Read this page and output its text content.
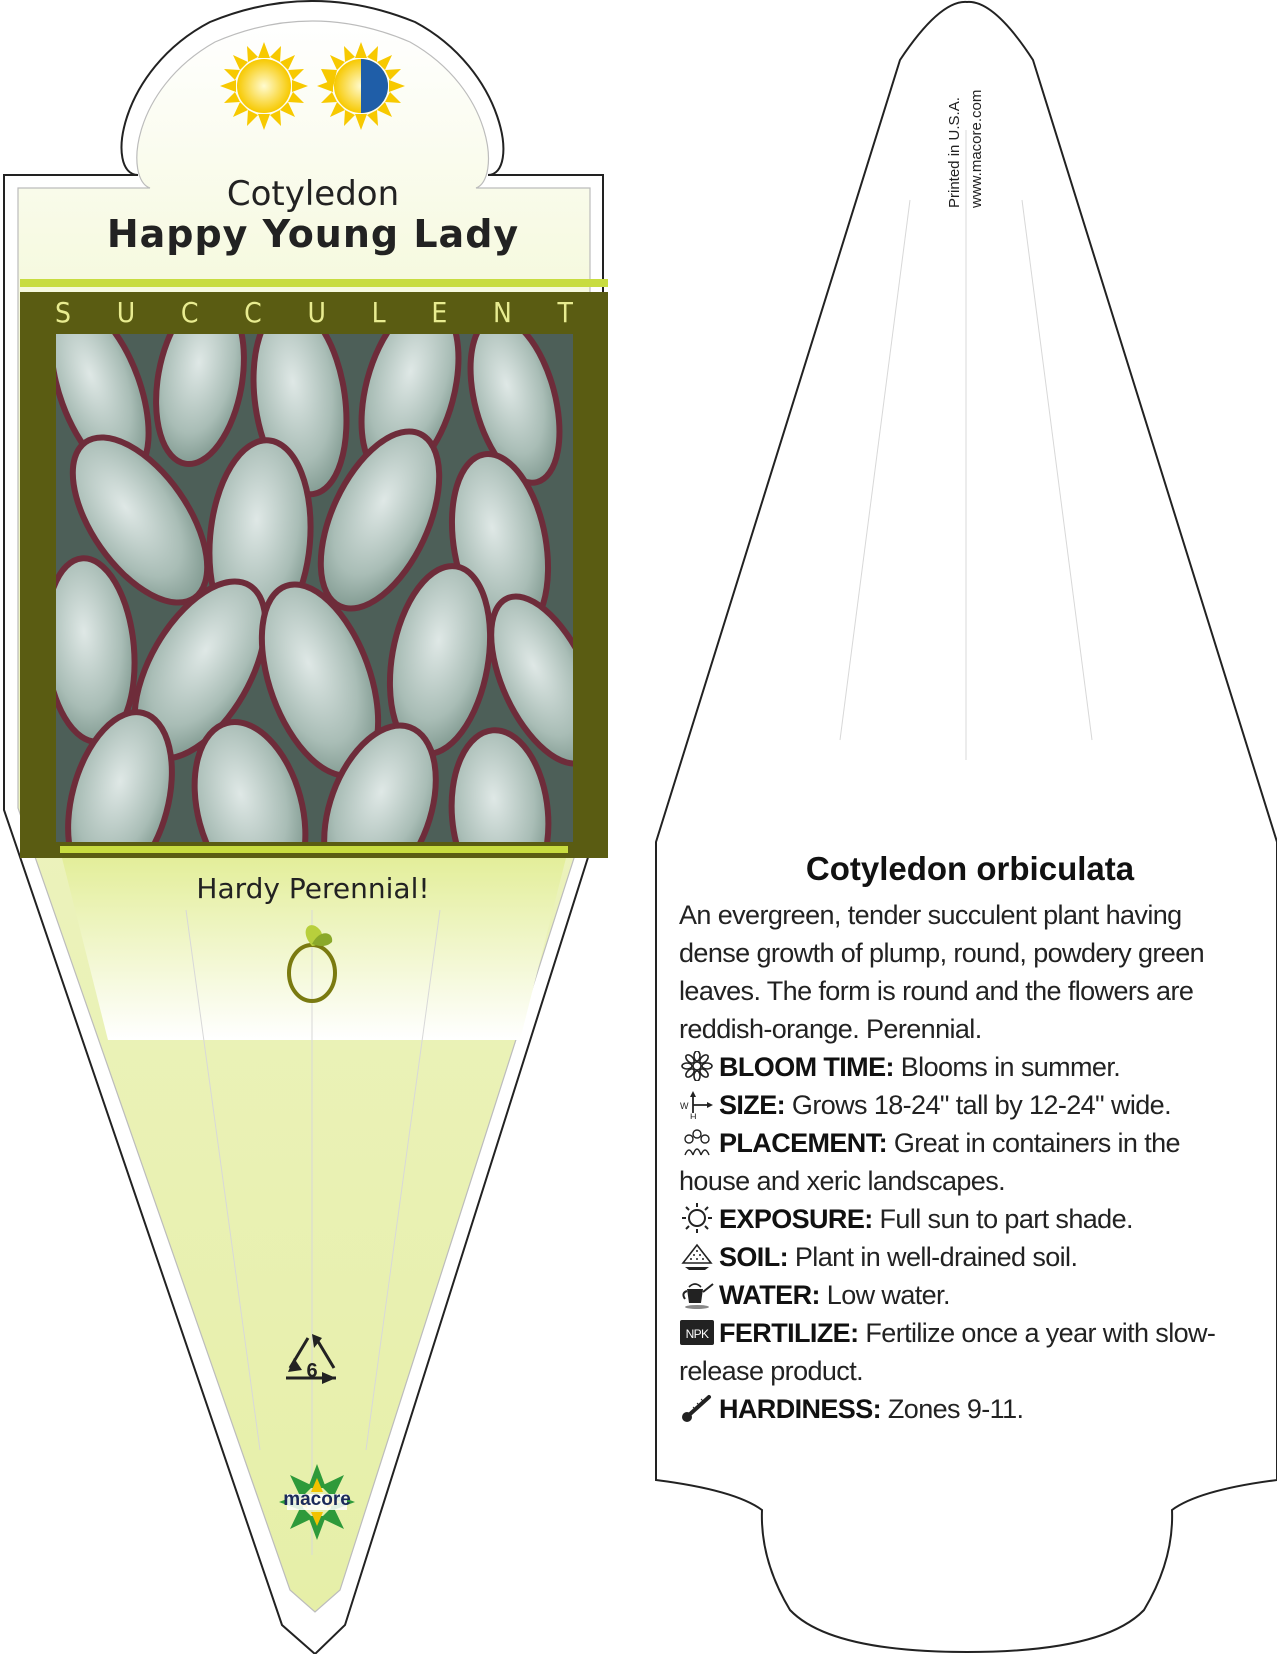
Cotyledon
Happy Young Lady
S U C C U L E N T
Hardy Perennial!
6
macore
Printed in U.S.A. www.macore.com
Cotyledon orbiculata

An evergreen, tender succulent plant having dense growth of plump, round, powdery green leaves. The form is round and the flowers are reddish-orange. Perennial.

BLOOM TIME: Blooms in summer.

W
H SIZE: Grows 18-24" tall by 12-24" wide.

PLACEMENT: Great in containers in the house and xeric landscapes.

EXPOSURE: Full sun to part shade.

SOIL: Plant in well-drained soil.

WATER: Low water.

NPK FERTILIZE: Fertilize once a year with slow-release product.

HARDINESS: Zones 9-11.
